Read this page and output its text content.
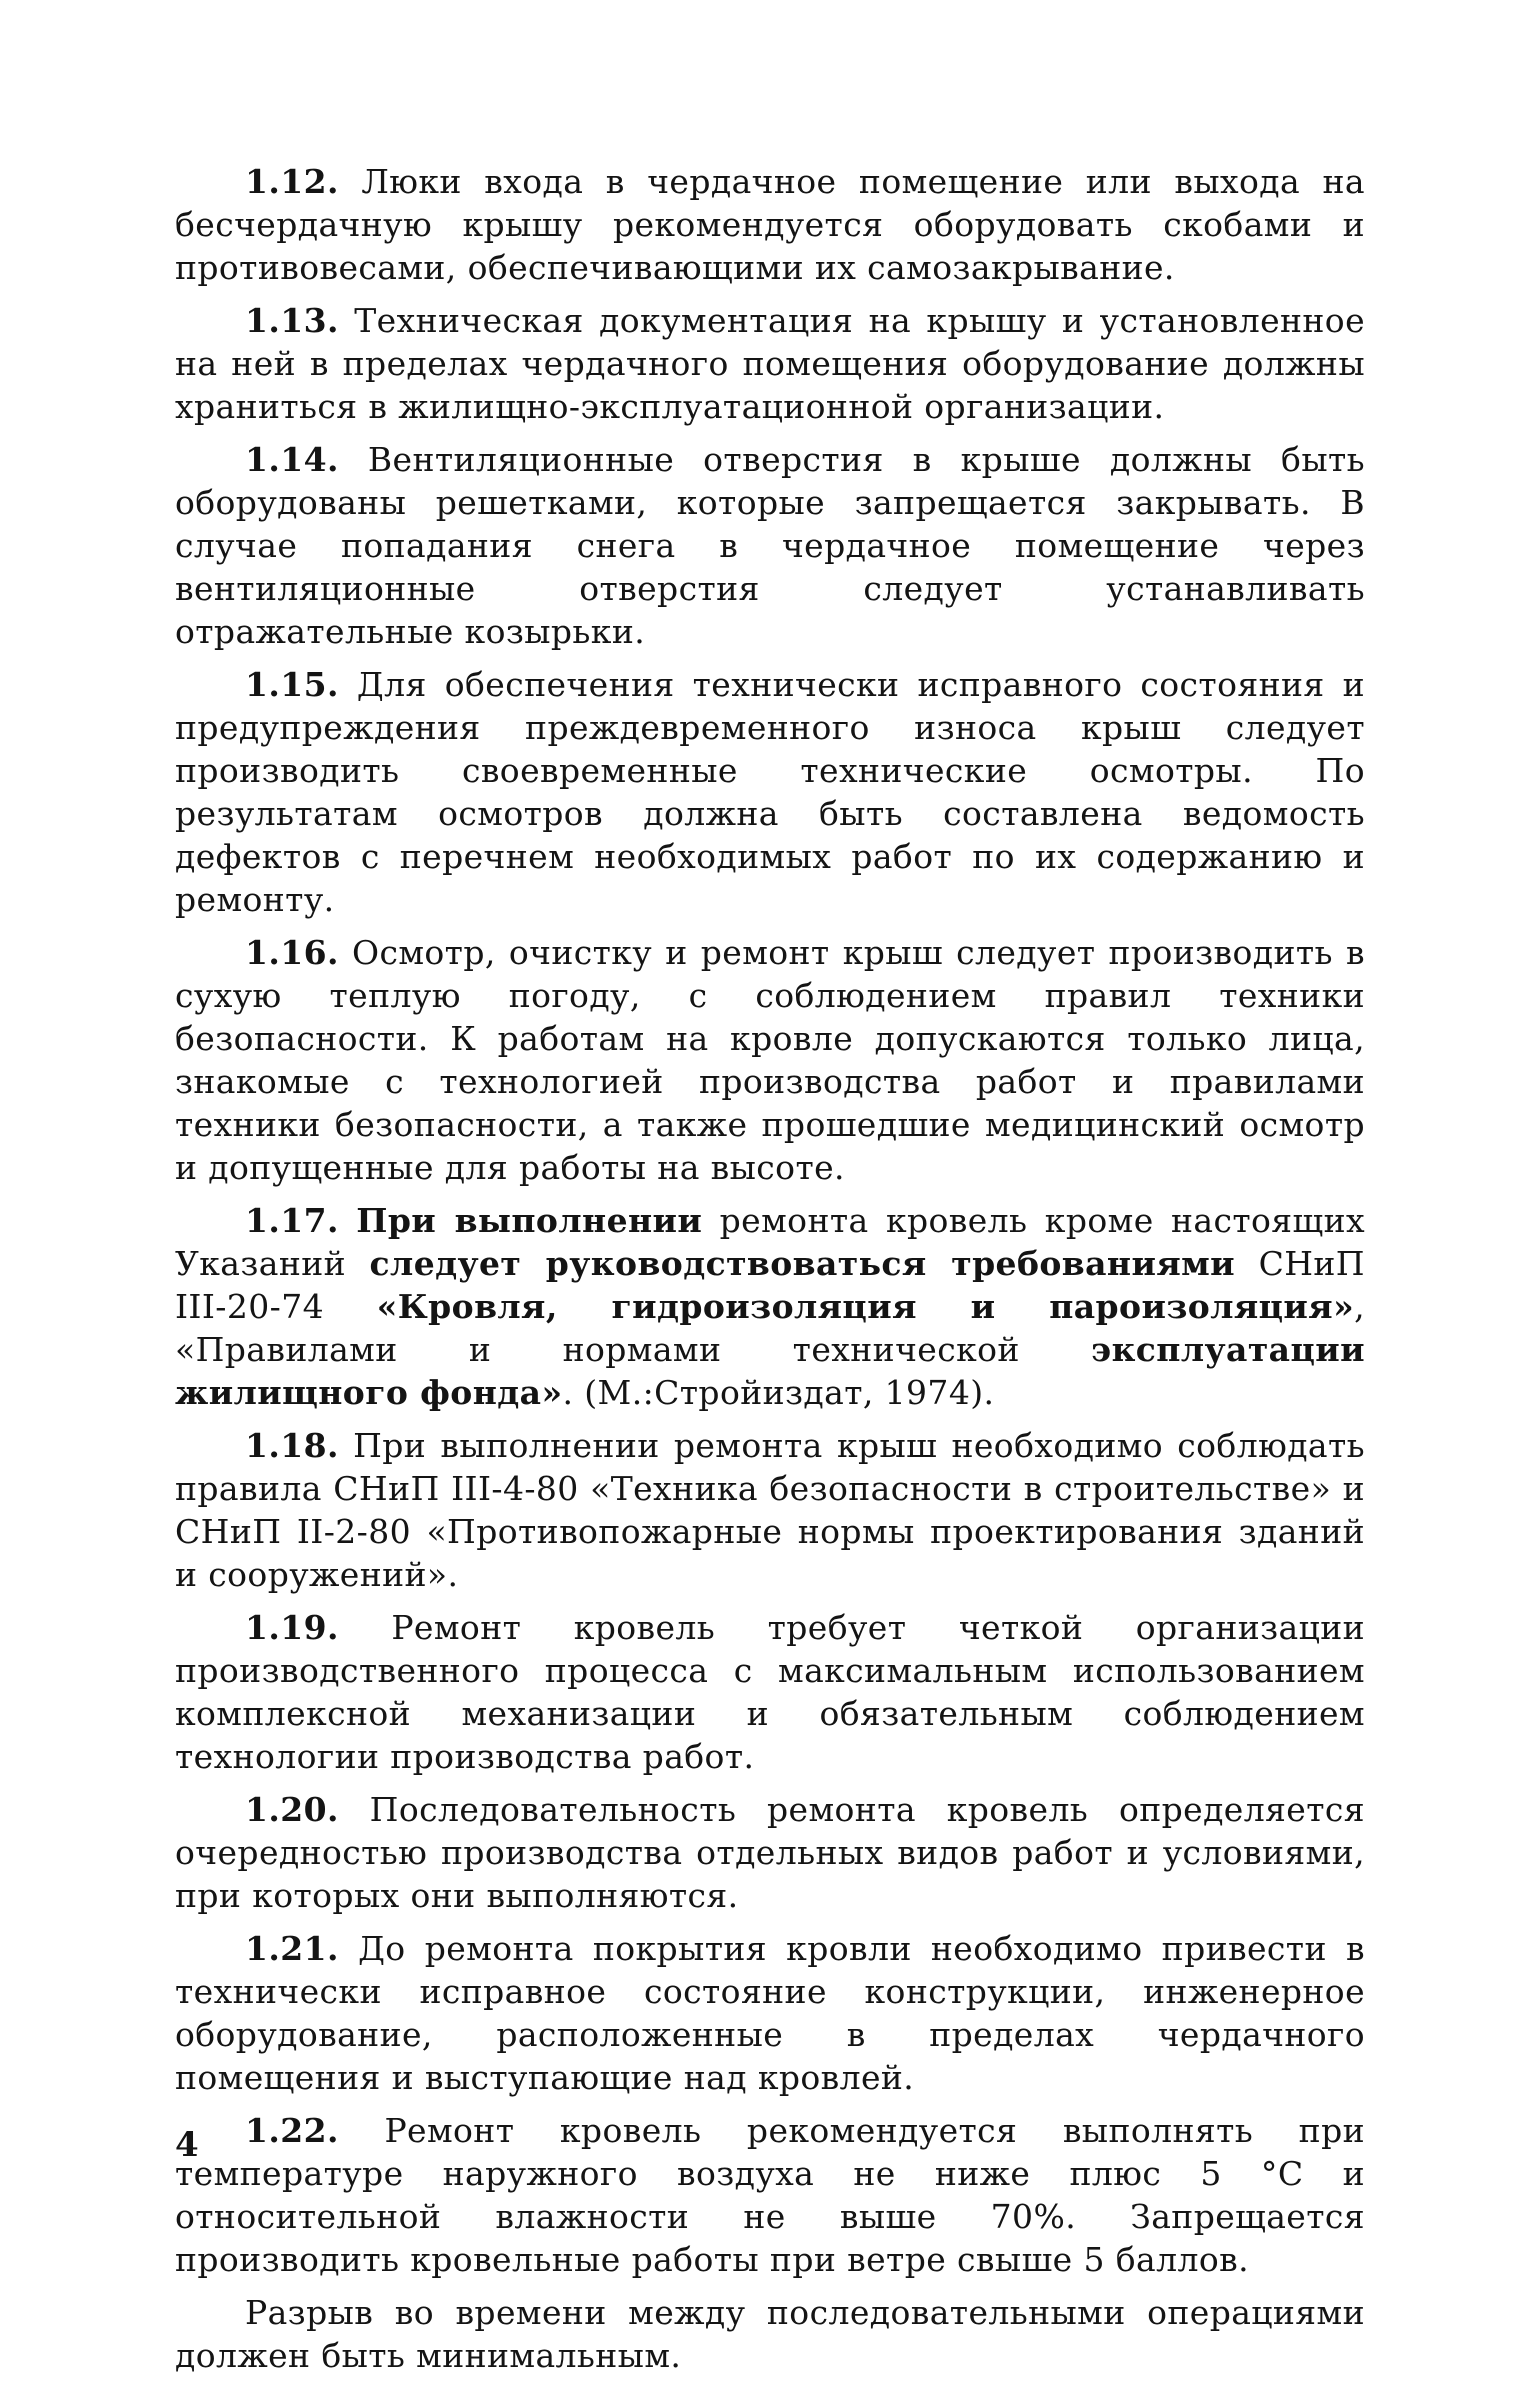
1.12. Люки входа в чердачное помещение или выхода на бесчердачную крышу рекомендуется оборудовать скобами и противовесами, обеспечивающими их самозакрывание.

1.13. Техническая документация на крышу и установленное на ней в пределах чердачного помещения оборудование должны храниться в жилищно-эксплуатационной организации.

1.14. Вентиляционные отверстия в крыше должны быть оборудованы решетками, которые запрещается закрывать. В случае попадания снега в чердачное помещение через вентиляционные отверстия следует устанавливать отражательные козырьки.

1.15. Для обеспечения технически исправного состояния и предупреждения преждевременного износа крыш следует производить своевременные технические осмотры. По результатам осмотров должна быть составлена ведомость дефектов с перечнем необходимых работ по их содержанию и ремонту.

1.16. Осмотр, очистку и ремонт крыш следует производить в сухую теплую погоду, с соблюдением правил техники безопасности. К работам на кровле допускаются только лица, знакомые с технологией производства работ и правилами техники безопасности, а также прошедшие медицинский осмотр и допущенные для работы на высоте.

1.17. При выполнении ремонта кровель кроме настоящих Указаний следует руководствоваться требованиями СНиП III-20-74 «Кровля, гидроизоляция и пароизоляция», «Правилами и нормами технической эксплуатации жилищного фонда». (М.:Стройиздат, 1974).

1.18. При выполнении ремонта крыш необходимо соблюдать правила СНиП III-4-80 «Техника безопасности в строительстве» и СНиП II-2-80 «Противопожарные нормы проектирования зданий и сооружений».

1.19. Ремонт кровель требует четкой организации производственного процесса с максимальным использованием комплексной механизации и обязательным соблюдением технологии производства работ.

1.20. Последовательность ремонта кровель определяется очередностью производства отдельных видов работ и условиями, при которых они выполняются.

1.21. До ремонта покрытия кровли необходимо привести в технически исправное состояние конструкции, инженерное оборудование, расположенные в пределах чердачного помещения и выступающие над кровлей.

1.22. Ремонт кровель рекомендуется выполнять при температуре наружного воздуха не ниже плюс 5 °С и относительной влажности не выше 70%. Запрещается производить кровельные работы при ветре свыше 5 баллов.

Разрыв во времени между последовательными операциями должен быть минимальным.

4
